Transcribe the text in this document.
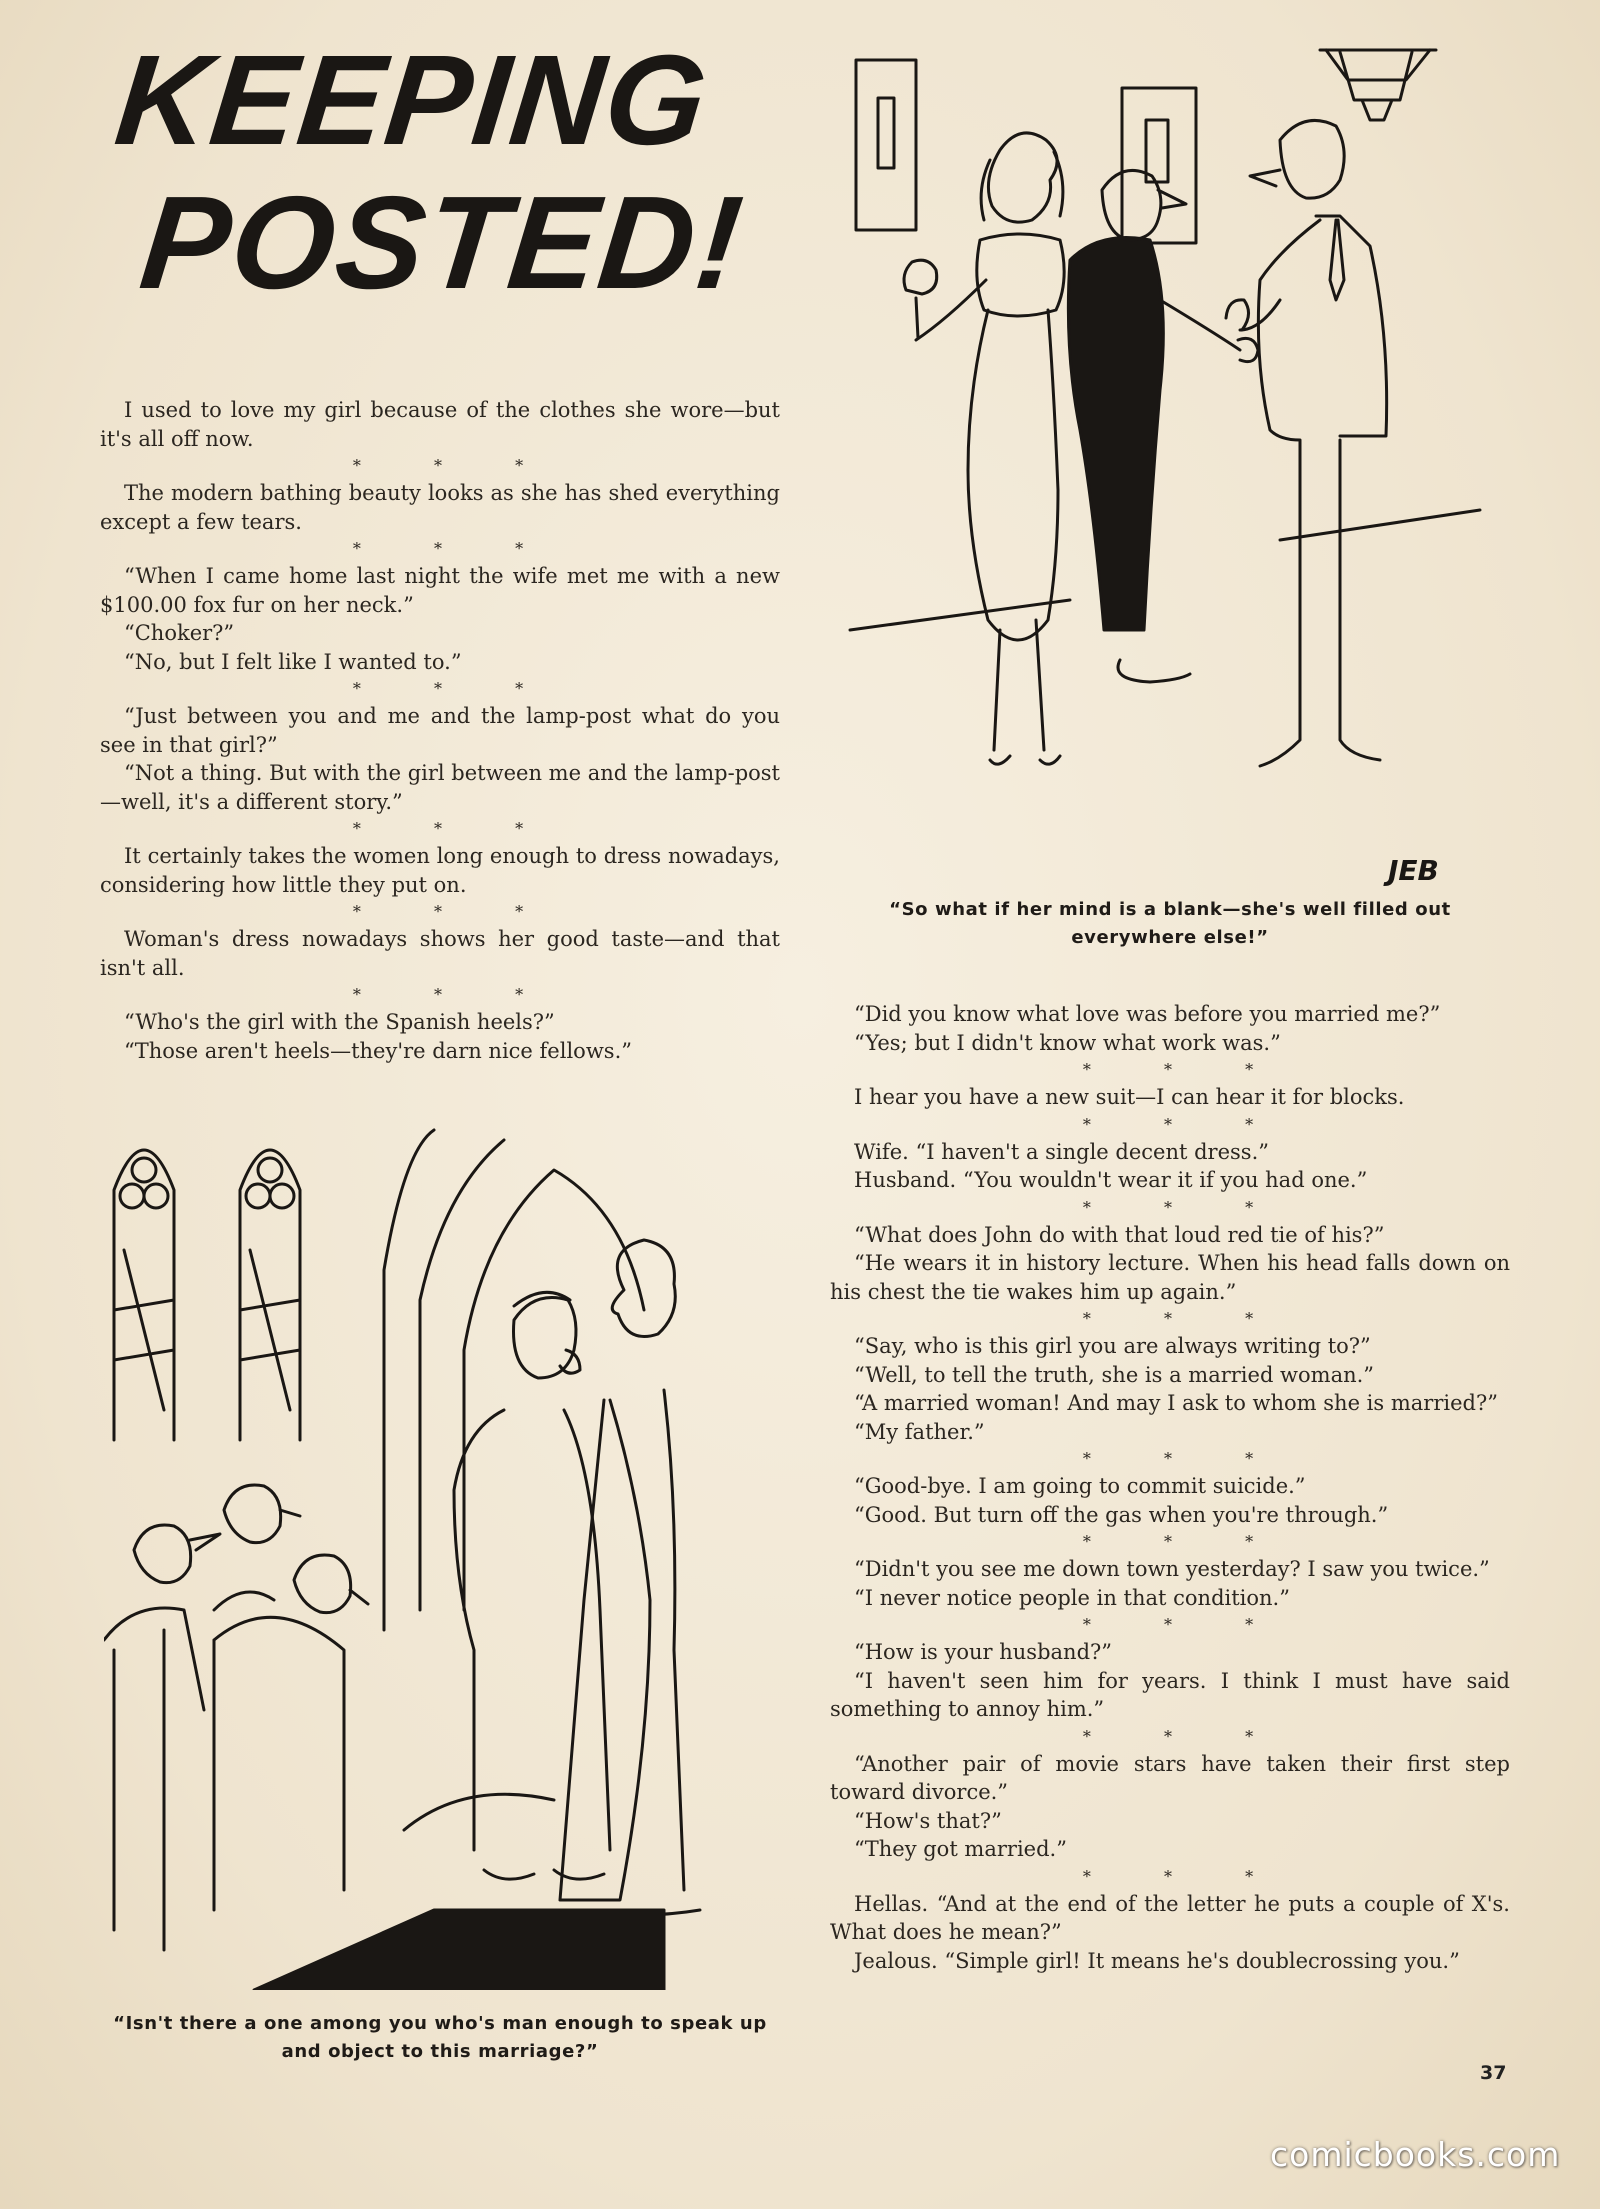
KEEPING
POSTED!

I used to love my girl because of the clothes she wore—but it's all off now.

* * *

The modern bathing beauty looks as she has shed everything except a few tears.

* * *

“When I came home last night the wife met me with a new $100.00 fox fur on her neck.”

“Choker?”

“No, but I felt like I wanted to.”

* * *

“Just between you and me and the lamp-post what do you see in that girl?”

“Not a thing. But with the girl between me and the lamp-post—well, it's a different story.”

* * *

It certainly takes the women long enough to dress nowadays, considering how little they put on.

* * *

Woman's dress nowadays shows her good taste—and that isn't all.

* * *

“Who's the girl with the Spanish heels?”

“Those aren't heels—they're darn nice fellows.”

“Did you know what love was before you married me?”

“Yes; but I didn't know what work was.”

* * *

I hear you have a new suit—I can hear it for blocks.

* * *

Wife. “I haven't a single decent dress.”

Husband. “You wouldn't wear it if you had one.”

* * *

“What does John do with that loud red tie of his?”

“He wears it in history lecture. When his head falls down on his chest the tie wakes him up again.”

* * *

“Say, who is this girl you are always writing to?”

“Well, to tell the truth, she is a married woman.”

“A married woman! And may I ask to whom she is married?”

“My father.”

* * *

“Good-bye. I am going to commit suicide.”

“Good. But turn off the gas when you're through.”

* * *

“Didn't you see me down town yesterday? I saw you twice.”

“I never notice people in that condition.”

* * *

“How is your husband?”

“I haven't seen him for years. I think I must have said something to annoy him.”

* * *

“Another pair of movie stars have taken their first step toward divorce.”

“How's that?”

“They got married.”

* * *

Hellas. “And at the end of the letter he puts a couple of X's. What does he mean?”

Jealous. “Simple girl! It means he's doublecrossing you.”

JEB
“So what if her mind is a blank—she's well filled out everywhere else!”
“Isn't there a one among you who's man enough to speak up and object to this marriage?”
37
comicbooks.com
